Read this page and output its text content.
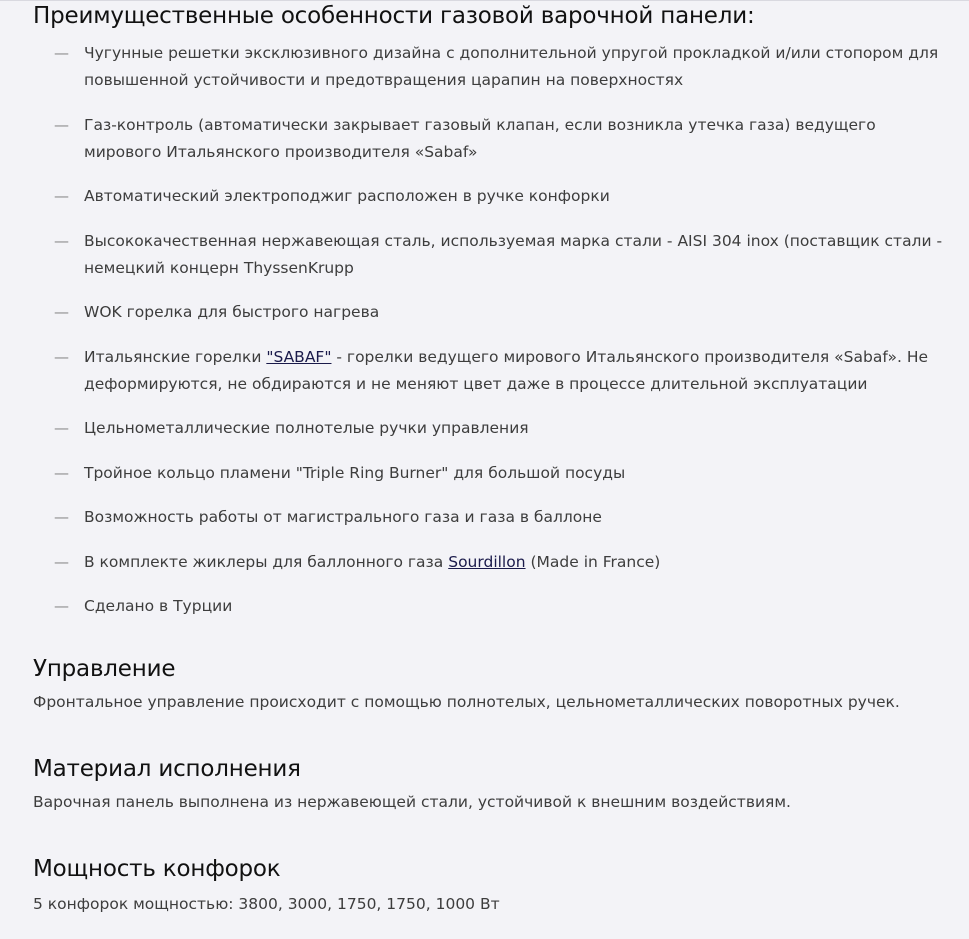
Преимущественные особенности газовой варочной панели:
— Чугунные решетки эксклюзивного дизайна с дополнительной упругой прокладкой и/или стопором для повышенной устойчивости и предотвращения царапин на поверхностях
— Газ-контроль (автоматически закрывает газовый клапан, если возникла утечка газа) ведущего мирового Итальянского производителя «Sabaf»
— Автоматический электроподжиг расположен в ручке конфорки
— Высококачественная нержавеющая сталь, используемая марка стали - AISI 304 inox (поставщик стали - немецкий концерн ThyssenKrupp
— WOK горелка для быстрого нагрева
— Итальянские горелки "SABAF" - горелки ведущего мирового Итальянского производителя «Sabaf». Не деформируются, не обдираются и не меняют цвет даже в процессе длительной эксплуатации
— Цельнометаллические полнотелые ручки управления
— Тройное кольцо пламени "Triple Ring Burner" для большой посуды
— Возможность работы от магистрального газа и газа в баллоне
— В комплекте жиклеры для баллонного газа Sourdillon (Made in France)
— Сделано в Турции
Управление

Фронтальное управление происходит с помощью полнотелых, цельнометаллических поворотных ручек.

Материал исполнения

Варочная панель выполнена из нержавеющей стали, устойчивой к внешним воздействиям.

Мощность конфорок

5 конфорок мощностью: 3800, 3000, 1750, 1750, 1000 Вт
